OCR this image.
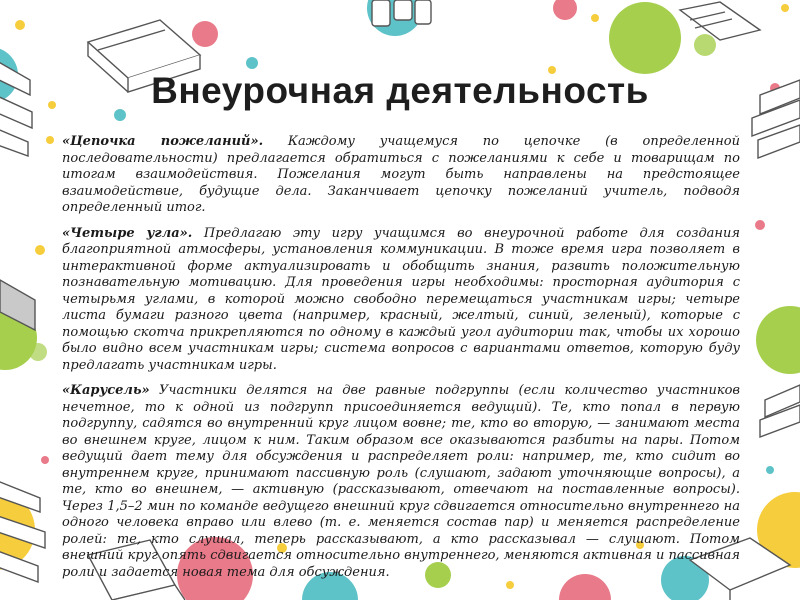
Внеурочная деятельность

«Цепочка пожеланий». Каждому учащемуся по цепочке (в определенной последовательности) предлагается обратиться с пожеланиями к себе и товарищам по итогам взаимодействия. Пожелания могут быть направлены на предстоящее взаимодействие, будущие дела. Заканчивает цепочку пожеланий учитель, подводя определенный итог.

«Четыре угла». Предлагаю эту игру учащимся во внеурочной работе для создания благоприятной атмосферы, установления коммуникации. В тоже время игра позволяет в интерактивной форме актуализировать и обобщить знания, развить положительную познавательную мотивацию. Для проведения игры необходимы: просторная аудитория с четырьмя углами, в которой можно свободно перемещаться участникам игры; четыре листа бумаги разного цвета (например, красный, желтый, синий, зеленый), которые с помощью скотча прикрепляются по одному в каждый угол аудитории так, чтобы их хорошо было видно всем участникам игры; система вопросов с вариантами ответов, которую буду предлагать участникам игры.

«Карусель» Участники делятся на две равные подгруппы (если количество участников нечетное, то к одной из подгрупп присоединяется ведущий). Те, кто попал в первую подгруппу, садятся во внутренний круг лицом вовне; те, кто во вторую, — занимают места во внешнем круге, лицом к ним. Таким образом все оказываются разбиты на пары. Потом ведущий дает тему для обсуждения и распределяет роли: например, те, кто сидит во внутреннем круге, принимают пассивную роль (слушают, задают уточняющие вопросы), а те, кто во внешнем, — активную (рассказывают, отвечают на поставленные вопросы). Через 1,5–2 мин по команде ведущего внешний круг сдвигается относительно внутреннего на одного человека вправо или влево (т. е. меняется состав пар) и меняется распределение ролей: те, кто слушал, теперь рассказывают, а кто рассказывал — слушают. Потом внешний круг опять сдвигается относительно внутреннего, меняются активная и пассивная роли и задается новая тема для обсуждения.
